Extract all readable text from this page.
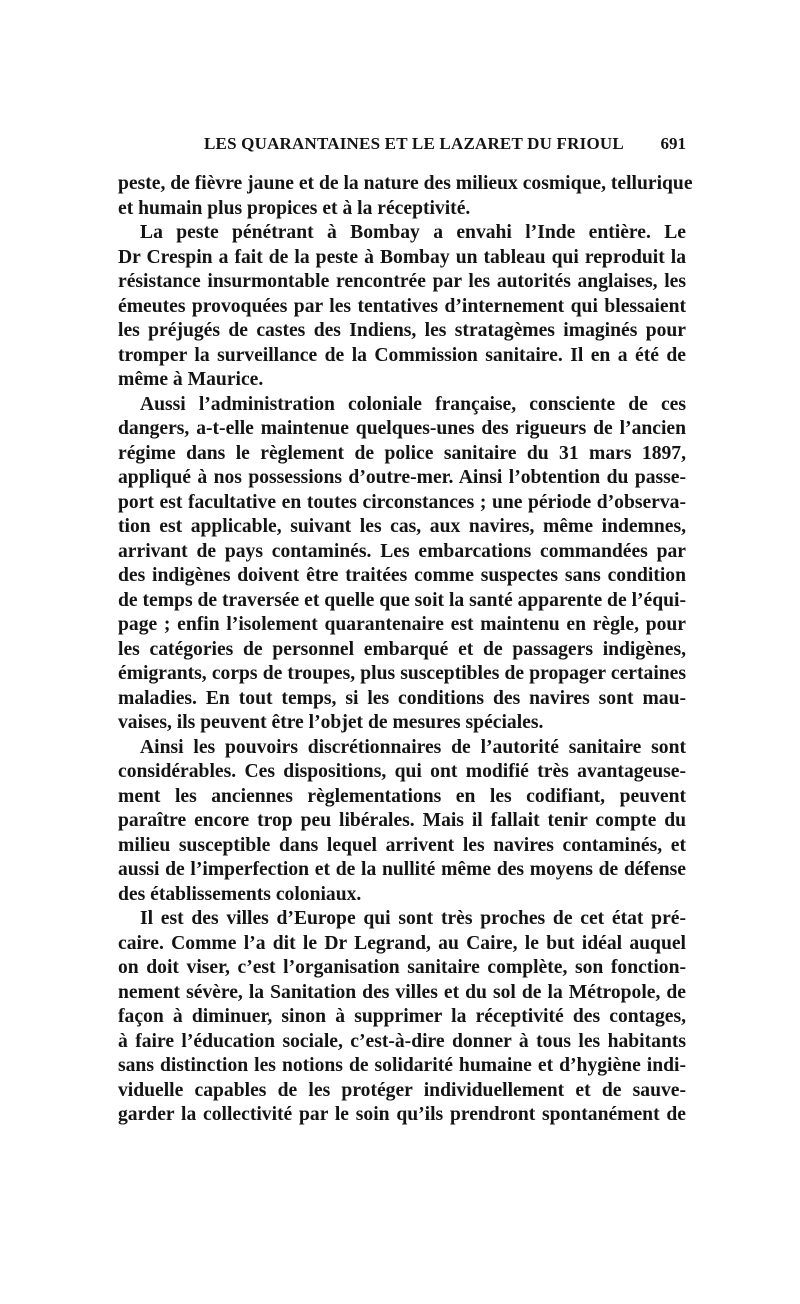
LES QUARANTAINES ET LE LAZARET DU FRIOUL 691
peste, de fièvre jaune et de la nature des milieux cosmique, tellurique
et humain plus propices et à la réceptivité.
La peste pénétrant à Bombay a envahi l’Inde entière. Le
Dr Crespin a fait de la peste à Bombay un tableau qui reproduit la
résistance insurmontable rencontrée par les autorités anglaises, les
émeutes provoquées par les tentatives d’internement qui blessaient
les préjugés de castes des Indiens, les stratagèmes imaginés pour
tromper la surveillance de la Commission sanitaire. Il en a été de
même à Maurice.
Aussi l’administration coloniale française, consciente de ces
dangers, a-t-elle maintenue quelques-unes des rigueurs de l’ancien
régime dans le règlement de police sanitaire du 31 mars 1897,
appliqué à nos possessions d’outre-mer. Ainsi l’obtention du passe-
port est facultative en toutes circonstances ; une période d’observa-
tion est applicable, suivant les cas, aux navires, même indemnes,
arrivant de pays contaminés. Les embarcations commandées par
des indigènes doivent être traitées comme suspectes sans condition
de temps de traversée et quelle que soit la santé apparente de l’équi-
page ; enfin l’isolement quarantenaire est maintenu en règle, pour
les catégories de personnel embarqué et de passagers indigènes,
émigrants, corps de troupes, plus susceptibles de propager certaines
maladies. En tout temps, si les conditions des navires sont mau-
vaises, ils peuvent être l’objet de mesures spéciales.
Ainsi les pouvoirs discrétionnaires de l’autorité sanitaire sont
considérables. Ces dispositions, qui ont modifié très avantageuse-
ment les anciennes règlementations en les codifiant, peuvent
paraître encore trop peu libérales. Mais il fallait tenir compte du
milieu susceptible dans lequel arrivent les navires contaminés, et
aussi de l’imperfection et de la nullité même des moyens de défense
des établissements coloniaux.
Il est des villes d’Europe qui sont très proches de cet état pré-
caire. Comme l’a dit le Dr Legrand, au Caire, le but idéal auquel
on doit viser, c’est l’organisation sanitaire complète, son fonction-
nement sévère, la Sanitation des villes et du sol de la Métropole, de
façon à diminuer, sinon à supprimer la réceptivité des contages,
à faire l’éducation sociale, c’est-à-dire donner à tous les habitants
sans distinction les notions de solidarité humaine et d’hygiène indi-
viduelle capables de les protéger individuellement et de sauve-
garder la collectivité par le soin qu’ils prendront spontanément de
